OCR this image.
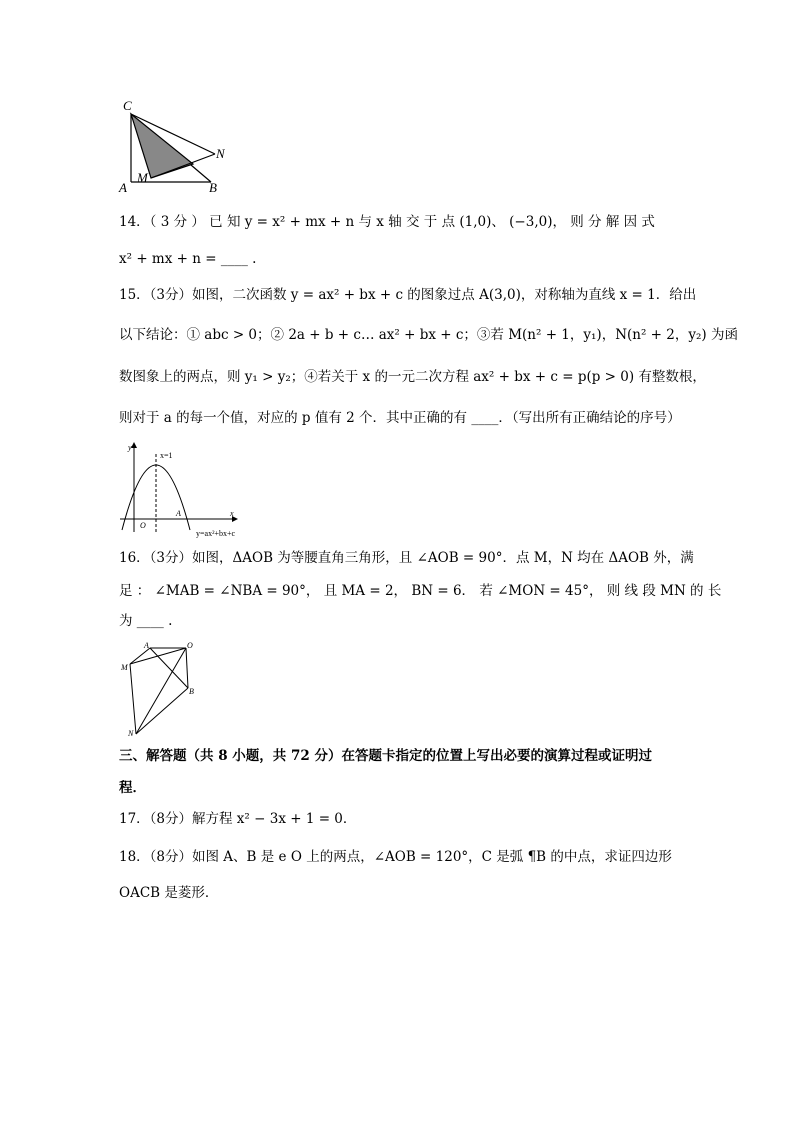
C
N
M
A	B
14．（ 3 分 ） 已 知 y = x² + mx + n 与 x 轴 交 于 点 (1,0)、 (−3,0)， 则 分 解 因 式
x² + mx + n = ____ .
15．（3分）如图，二次函数 y = ax² + bx + c 的图象过点 A(3,0)，对称轴为直线 x = 1．给出
以下结论：① abc > 0；② 2a + b + c… ax² + bx + c；③若 M(n² + 1，y₁)，N(n² + 2，y₂) 为函
数图象上的两点，则 y₁ > y₂；④若关于 x 的一元二次方程 ax² + bx + c = p(p > 0) 有整数根，
则对于 a 的每一个值，对应的 p 值有 2 个．其中正确的有 ____．（写出所有正确结论的序号）
x=1
y
x
O
A
y=ax²+bx+c
16．（3分）如图，ΔAOB 为等腰直角三角形，且 ∠AOB = 90°．点 M，N 均在 ΔAOB 外，满
足 ： ∠MAB = ∠NBA = 90°， 且 MA = 2， BN = 6． 若 ∠MON = 45°， 则 线 段 MN 的 长
为 ____ .
A	O
M
B
N
三、解答题（共 8 小题，共 72 分）在答题卡指定的位置上写出必要的演算过程或证明过
程．
17．（8分）解方程 x² − 3x + 1 = 0．
18．（8分）如图 A、B 是 e O 上的两点，∠AOB = 120°，C 是弧 ¶B 的中点，求证四边形
OACB 是菱形．
